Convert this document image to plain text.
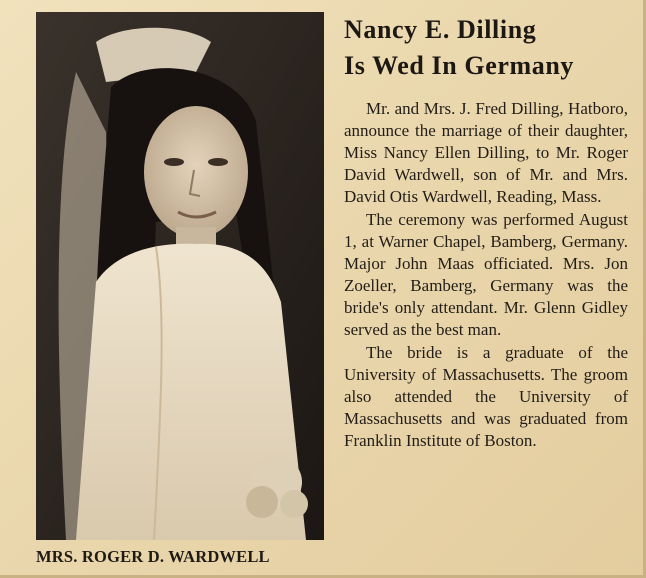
MRS. ROGER D. WARDWELL
Nancy E. Dilling
Is Wed In Germany

Mr. and Mrs. J. Fred Dilling, Hatboro, announce the marriage of their daughter, Miss Nancy Ellen Dilling, to Mr. Roger David Wardwell, son of Mr. and Mrs. David Otis Wardwell, Reading, Mass.

The ceremony was performed August 1, at Warner Chapel, Bamberg, Germany. Major John Maas officiated. Mrs. Jon Zoeller, Bamberg, Germany was the bride's only attendant. Mr. Glenn Gidley served as the best man.

The bride is a graduate of the University of Massachusetts. The groom also attended the University of Massachusetts and was graduated from Franklin Institute of Boston.
